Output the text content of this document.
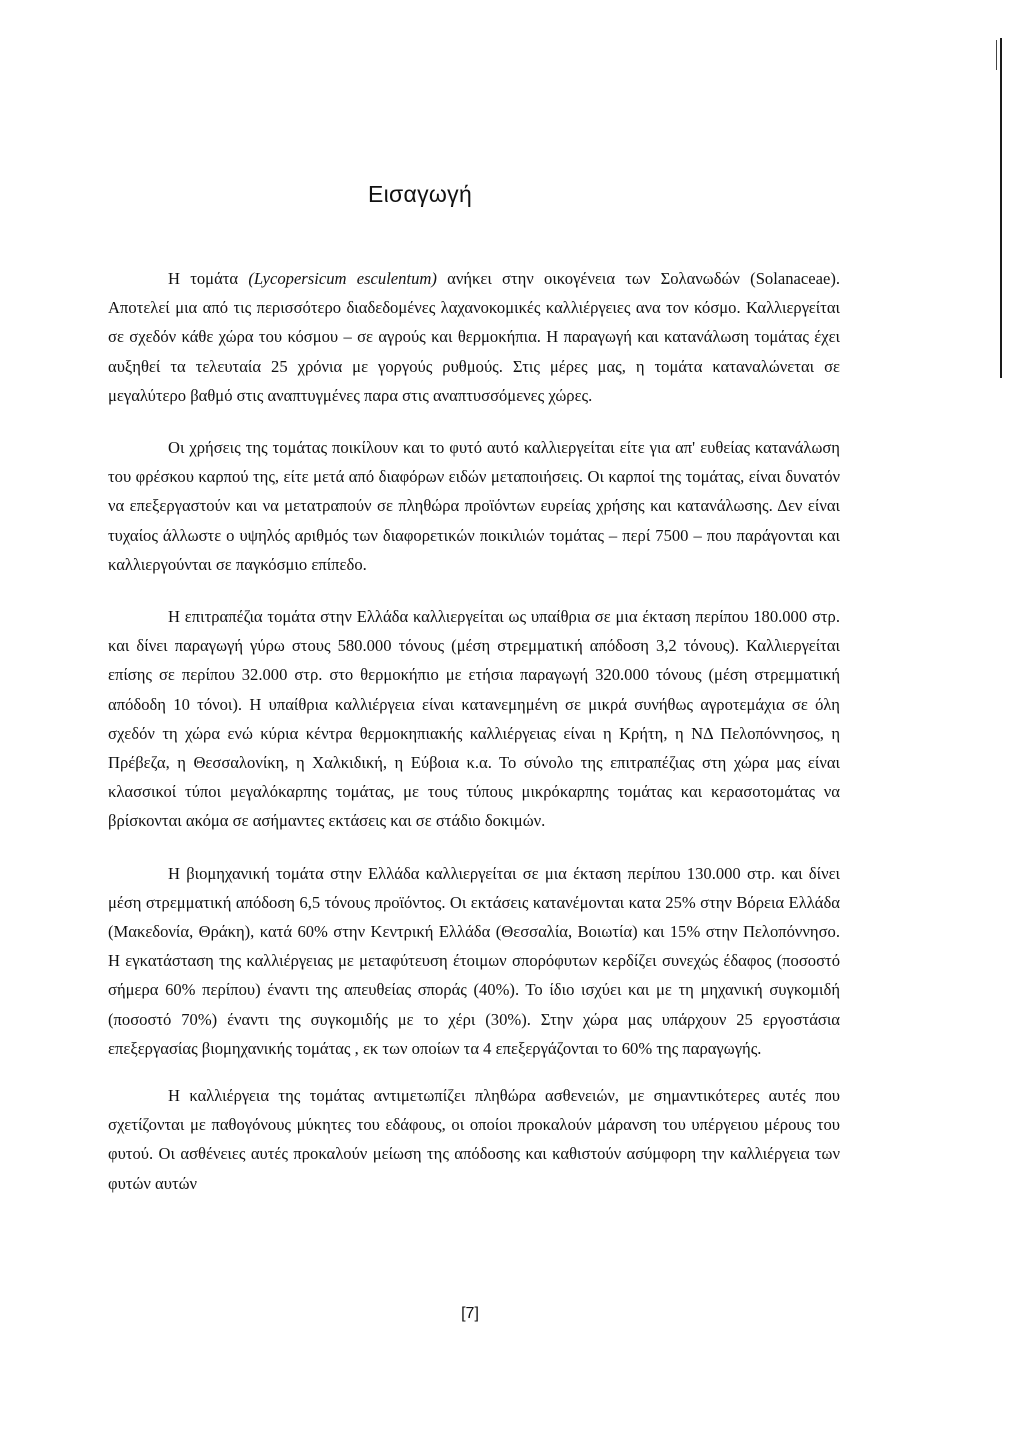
Εισαγωγή

Η τομάτα (Lycopersicum esculentum) ανήκει στην οικογένεια των Σολανωδών (Solanaceae). Αποτελεί μια από τις περισσότερο διαδεδομένες λαχανοκομικές καλλιέργειες ανα τον κόσμο. Καλλιεργείται σε σχεδόν κάθε χώρα του κόσμου – σε αγρούς και θερμοκήπια. Η παραγωγή και κατανάλωση τομάτας έχει αυξηθεί τα τελευταία 25 χρόνια με γοργούς ρυθμούς. Στις μέρες μας, η τομάτα καταναλώνεται σε μεγαλύτερο βαθμό στις αναπτυγμένες παρα στις αναπτυσσόμενες χώρες.

Οι χρήσεις της τομάτας ποικίλουν και το φυτό αυτό καλλιεργείται είτε για απ' ευθείας κατανάλωση του φρέσκου καρπού της, είτε μετά από διαφόρων ειδών μεταποιήσεις. Οι καρποί της τομάτας, είναι δυνατόν να επεξεργαστούν και να μετατραπούν σε πληθώρα προϊόντων ευρείας χρήσης και κατανάλωσης. Δεν είναι τυχαίος άλλωστε ο υψηλός αριθμός των διαφορετικών ποικιλιών τομάτας – περί 7500 – που παράγονται και καλλιεργούνται σε παγκόσμιο επίπεδο.

Η επιτραπέζια τομάτα στην Ελλάδα καλλιεργείται ως υπαίθρια σε μια έκταση περίπου 180.000 στρ. και δίνει παραγωγή γύρω στους 580.000 τόνους (μέση στρεμματική απόδοση 3,2 τόνους). Καλλιεργείται επίσης σε περίπου 32.000 στρ. στο θερμοκήπιο με ετήσια παραγωγή 320.000 τόνους (μέση στρεμματική απόδοδη 10 τόνοι). Η υπαίθρια καλλιέργεια είναι κατανεμημένη σε μικρά συνήθως αγροτεμάχια σε όλη σχεδόν τη χώρα ενώ κύρια κέντρα θερμοκηπιακής καλλιέργειας είναι η Κρήτη, η ΝΔ Πελοπόννησος, η Πρέβεζα, η Θεσσαλονίκη, η Χαλκιδική, η Εύβοια κ.α. Το σύνολο της επιτραπέζιας στη χώρα μας είναι κλασσικοί τύποι μεγαλόκαρπης τομάτας, με τους τύπους μικρόκαρπης τομάτας και κερασοτομάτας να βρίσκονται ακόμα σε ασήμαντες εκτάσεις και σε στάδιο δοκιμών.

Η βιομηχανική τομάτα στην Ελλάδα καλλιεργείται σε μια έκταση περίπου 130.000 στρ. και δίνει μέση στρεμματική απόδοση 6,5 τόνους προϊόντος. Οι εκτάσεις κατανέμονται κατα 25% στην Βόρεια Ελλάδα (Μακεδονία, Θράκη), κατά 60% στην Κεντρική Ελλάδα (Θεσσαλία, Βοιωτία) και 15% στην Πελοπόννησο. Η εγκατάσταση της καλλιέργειας με μεταφύτευση έτοιμων σπορόφυτων κερδίζει συνεχώς έδαφος (ποσοστό σήμερα 60% περίπου) έναντι της απευθείας σποράς (40%). Το ίδιο ισχύει και με τη μηχανική συγκομιδή (ποσοστό 70%) έναντι της συγκομιδής με το χέρι (30%). Στην χώρα μας υπάρχουν 25 εργοστάσια επεξεργασίας βιομηχανικής τομάτας , εκ των οποίων τα 4 επεξεργάζονται το 60% της παραγωγής.

Η καλλιέργεια της τομάτας αντιμετωπίζει πληθώρα ασθενειών, με σημαντικότερες αυτές που σχετίζονται με παθογόνους μύκητες του εδάφους, οι οποίοι προκαλούν μάρανση του υπέργειου μέρους του φυτού. Οι ασθένειες αυτές προκαλούν μείωση της απόδοσης και καθιστούν ασύμφορη την καλλιέργεια των φυτών αυτών

[7]
